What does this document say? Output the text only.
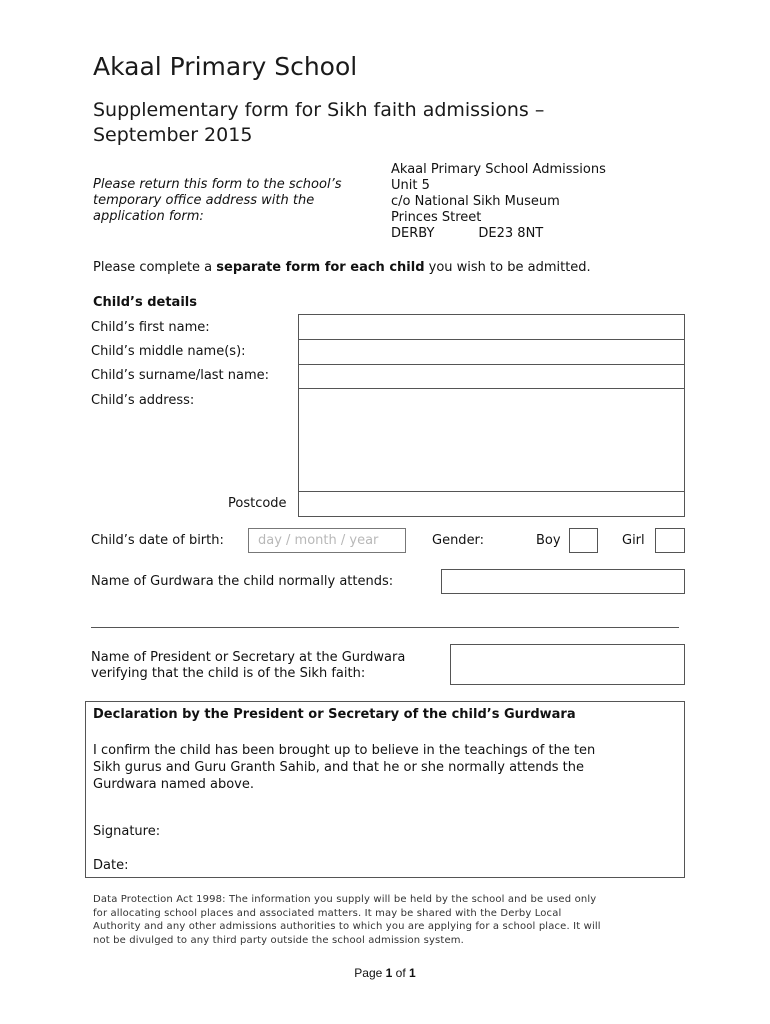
Akaal Primary School
Supplementary form for Sikh faith admissions –
September 2015
Please return this form to the school’s
temporary office address with the
application form:
Akaal Primary School Admissions
Unit 5
c/o National Sikh Museum
Princes Street
DERBY	DE23 8NT
Please complete a separate form for each child you wish to be admitted.
Child’s details
Child’s first name:
Child’s middle name(s):
Child’s surname/last name:
Child’s address:
Postcode
Child’s date of birth:	day / month / year	Gender:	Boy	Girl
Name of Gurdwara the child normally attends:
Name of President or Secretary at the Gurdwara
verifying that the child is of the Sikh faith:
Declaration by the President or Secretary of the child’s Gurdwara
I confirm the child has been brought up to believe in the teachings of the ten
Sikh gurus and Guru Granth Sahib, and that he or she normally attends the
Gurdwara named above.
Signature:
Date:
Data Protection Act 1998: The information you supply will be held by the school and be used only
for allocating school places and associated matters. It may be shared with the Derby Local
Authority and any other admissions authorities to which you are applying for a school place. It will
not be divulged to any third party outside the school admission system.
Page 1 of 1
